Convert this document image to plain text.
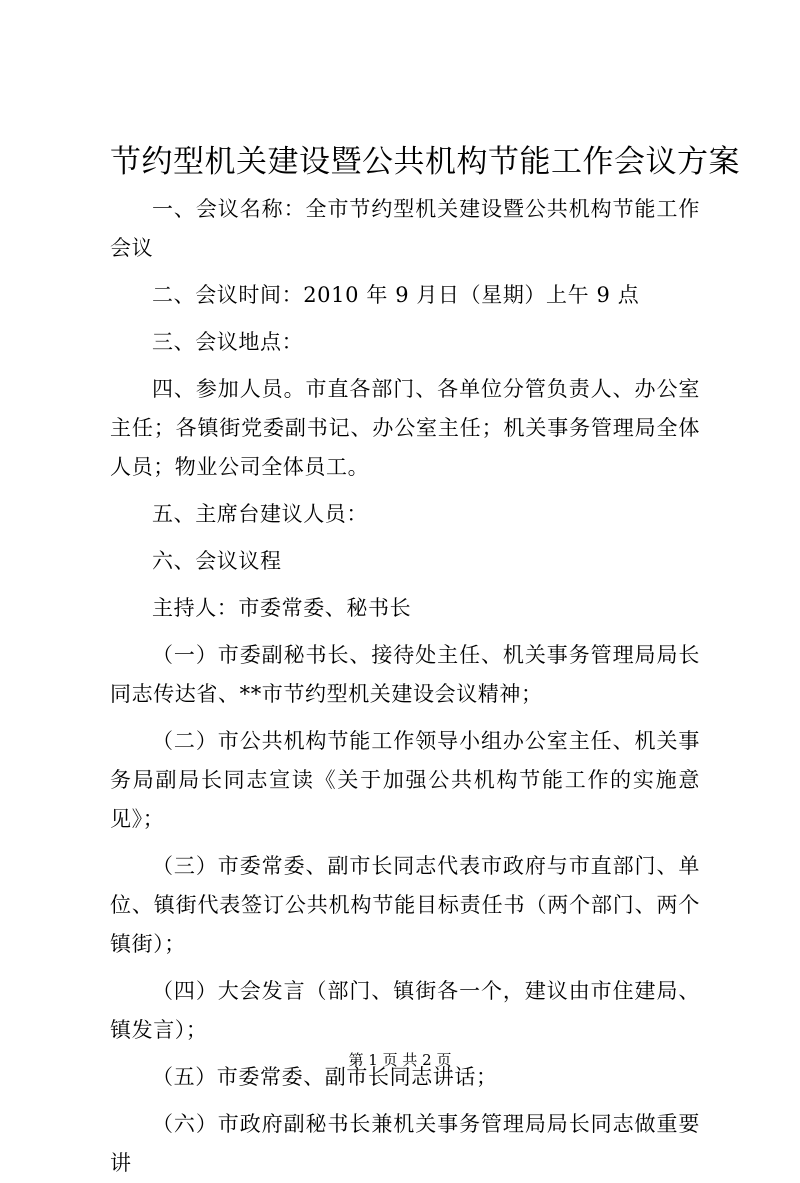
节约型机关建设暨公共机构节能工作会议方案

一、会议名称：全市节约型机关建设暨公共机构节能工作会议

二、会议时间：2010 年 9 月日（星期）上午 9 点

三、会议地点：

四、参加人员。市直各部门、各单位分管负责人、办公室主任；各镇街党委副书记、办公室主任；机关事务管理局全体人员；物业公司全体员工。

五、主席台建议人员：

六、会议议程

主持人：市委常委、秘书长

（一）市委副秘书长、接待处主任、机关事务管理局局长同志传达省、**市节约型机关建设会议精神；

（二）市公共机构节能工作领导小组办公室主任、机关事务局副局长同志宣读《关于加强公共机构节能工作的实施意见》；

（三）市委常委、副市长同志代表市政府与市直部门、单位、镇街代表签订公共机构节能目标责任书（两个部门、两个镇街）；

（四）大会发言（部门、镇街各一个，建议由市住建局、镇发言）；

（五）市委常委、副市长同志讲话；

（六）市政府副秘书长兼机关事务管理局局长同志做重要讲

第 1 页 共 2 页
